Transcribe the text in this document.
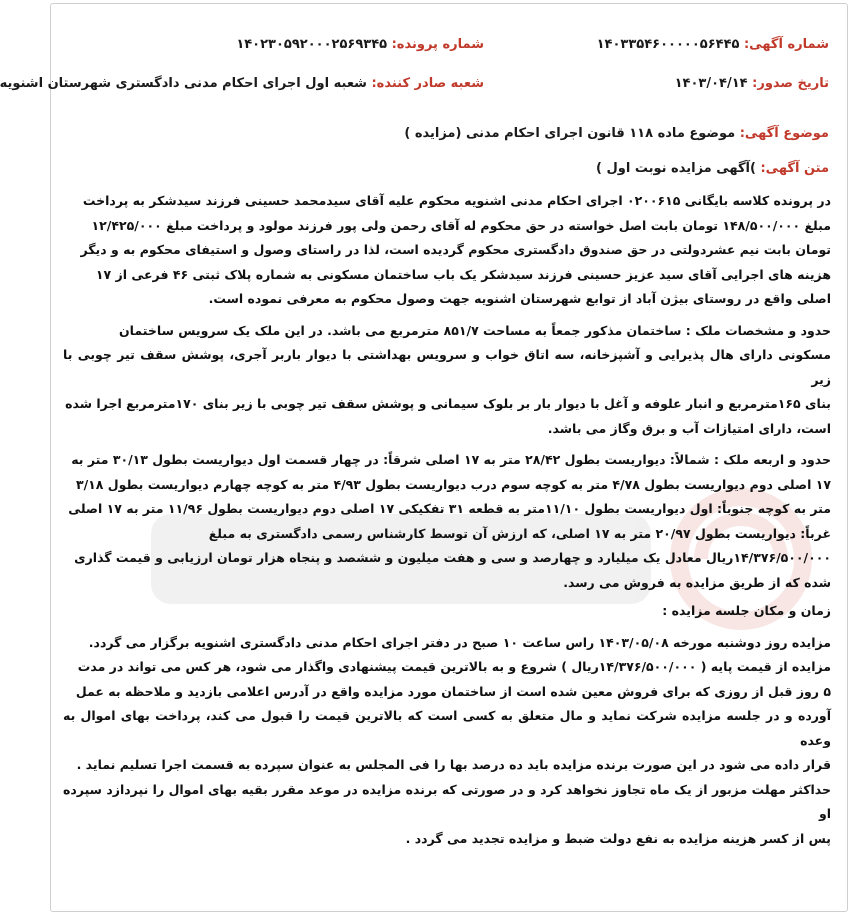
شماره آگهی: ۱۴۰۳۳۵۴۶۰۰۰۰۰۵۶۴۴۵
شماره پرونده: ۱۴۰۲۳۰۵۹۲۰۰۰۲۵۶۹۳۴۵
تاریخ صدور: ۱۴۰۳/۰۴/۱۴
شعبه صادر کننده: شعبه اول اجرای احکام مدنی دادگستری شهرستان اشنویه
موضوع آگهی: موضوع ماده ۱۱۸ قانون اجرای احکام مدنی (مزایده )
متن آگهی: )آگهی مزایده نوبت اول )

در پرونده کلاسه بایگانی ۰۲۰۰۶۱۵ اجرای احکام مدنی اشنویه محکوم علیه آقای سیدمحمد حسینی فرزند سیدشکر به پرداخت
مبلغ ۱۴۸/۵۰۰/۰۰۰ تومان بابت اصل خواسته در حق محکوم له آقای رحمن ولی پور فرزند مولود و پرداخت مبلغ ۱۲/۴۲۵/۰۰۰
تومان بابت نیم عشردولتی در حق صندوق دادگستری محکوم گردیده است، لذا در راستای وصول و استیفای محکوم به و دیگر
هزینه های اجرایی آقای سید عزیز حسینی فرزند سیدشکر یک باب ساختمان مسکونی به شماره پلاک ثبتی ۴۶ فرعی از ۱۷
اصلی واقع در روستای بیژن آباد از توابع شهرستان اشنویه جهت وصول محکوم به معرفی نموده است.

حدود و مشخصات ملک : ساختمان مذکور جمعاً به مساحت ۸۵۱/۷ مترمربع می باشد. در این ملک یک سرویس ساختمان
مسکونی دارای هال پذیرایی و آشپزخانه، سه اتاق خواب و سرویس بهداشتی با دیوار باربر آجری، پوشش سقف تیر چوبی با زیر
بنای ۱۶۵مترمربع و انبار علوفه و آغل با دیوار بار بر بلوک سیمانی و پوشش سقف تیر چوبی با زیر بنای ۱۷۰مترمربع اجرا شده
است، دارای امتیازات آب و برق وگاز می باشد.

حدود و اربعه ملک : شمالاً: دیواریست بطول ۲۸/۴۲ متر به ۱۷ اصلی شرقاً: در چهار قسمت اول دیواریست بطول ۳۰/۱۳ متر به
۱۷ اصلی دوم دیواریست بطول ۴/۷۸ متر به کوچه سوم درب دیواریست بطول ۴/۹۳ متر به کوچه چهارم دیواریست بطول ۳/۱۸
متر به کوچه جنوباً: اول دیواریست بطول ۱۱/۱۰متر به قطعه ۳۱ تفکیکی ۱۷ اصلی دوم دیواریست بطول ۱۱/۹۶ متر به ۱۷ اصلی
غرباً: دیواریست بطول ۲۰/۹۷ متر به ۱۷ اصلی، که ارزش آن توسط کارشناس رسمی دادگستری به مبلغ
۱۴/۳۷۶/۵۰۰/۰۰۰ریال معادل یک میلیارد و چهارصد و سی و هفت میلیون و ششصد و پنجاه هزار تومان ارزیابی و قیمت گذاری
شده که از طریق مزایده به فروش می رسد.

زمان و مکان جلسه مزایده :

مزایده روز دوشنبه مورخه ۱۴۰۳/۰۵/۰۸ راس ساعت ۱۰ صبح در دفتر اجرای احکام مدنی دادگستری اشنویه برگزار می گردد.
مزایده از قیمت پایه ( ۱۴/۳۷۶/۵۰۰/۰۰۰ریال ) شروع و به بالاترین قیمت پیشنهادی واگذار می شود، هر کس می تواند در مدت
۵ روز قبل از روزی که برای فروش معین شده است از ساختمان مورد مزایده واقع در آدرس اعلامی بازدید و ملاحظه به عمل
آورده و در جلسه مزایده شرکت نماید و مال متعلق به کسی است که بالاترین قیمت را قبول می کند، پرداخت بهای اموال به وعده
قرار داده می شود در این صورت برنده مزایده باید ده درصد بها را فی المجلس به عنوان سپرده به قسمت اجرا تسلیم نماید .
حداکثر مهلت مزبور از یک ماه تجاوز نخواهد کرد و در صورتی که برنده مزایده در موعد مقرر بقیه بهای اموال را نپردازد سپرده او
پس از کسر هزینه مزایده به نفع دولت ضبط و مزایده تجدید می گردد .
